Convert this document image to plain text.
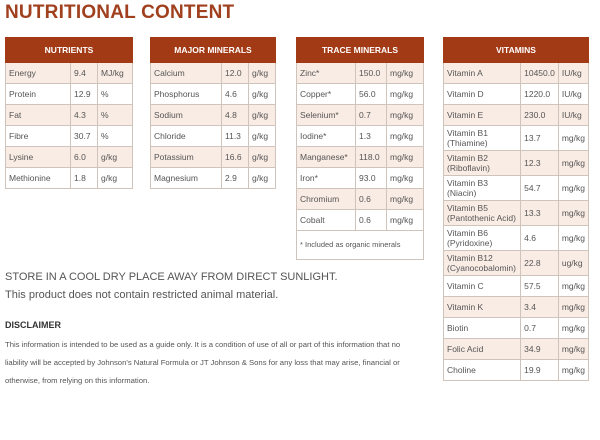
NUTRITIONAL CONTENT
NUTRIENTS		
Energy	9.4	MJ/kg
Protein	12.9	%
Fat	4.3	%
Fibre	30.7	%
Lysine	6.0	g/kg
Methionine	1.8	g/kg
MAJOR MINERALS		
Calcium	12.0	g/kg
Phosphorus	4.6	g/kg
Sodium	4.8	g/kg
Chloride	11.3	g/kg
Potassium	16.6	g/kg
Magnesium	2.9	g/kg
TRACE MINERALS		
Zinc*	150.0	mg/kg
Copper*	56.0	mg/kg
Selenium*	0.7	mg/kg
Iodine*	1.3	mg/kg
Manganese*	118.0	mg/kg
Iron*	93.0	mg/kg
Chromium	0.6	mg/kg
Cobalt	0.6	mg/kg
* Included as organic minerals		
VITAMINS		
Vitamin A	10450.0	IU/kg
Vitamin D	1220.0	IU/kg
Vitamin E	230.0	IU/kg
Vitamin B1 (Thiamine)	13.7	mg/kg
Vitamin B2 (Riboflavin)	12.3	mg/kg
Vitamin B3 (Niacin)	54.7	mg/kg
Vitamin B5 (Pantothenic Acid)	13.3	mg/kg
Vitamin B6 (Pyridoxine)	4.6	mg/kg
Vitamin B12 (Cyanocobalomin)	22.8	ug/kg
Vitamin C	57.5	mg/kg
Vitamin K	3.4	mg/kg
Biotin	0.7	mg/kg
Folic Acid	34.9	mg/kg
Choline	19.9	mg/kg
STORE IN A COOL DRY PLACE AWAY FROM DIRECT SUNLIGHT.
This product does not contain restricted animal material.
DISCLAIMER
This information is intended to be used as a guide only. It is a condition of use of all or part of this information that no liability will be accepted by Johnson's Natural Formula or JT Johnson & Sons for any loss that may arise, financial or otherwise, from relying on this information.
